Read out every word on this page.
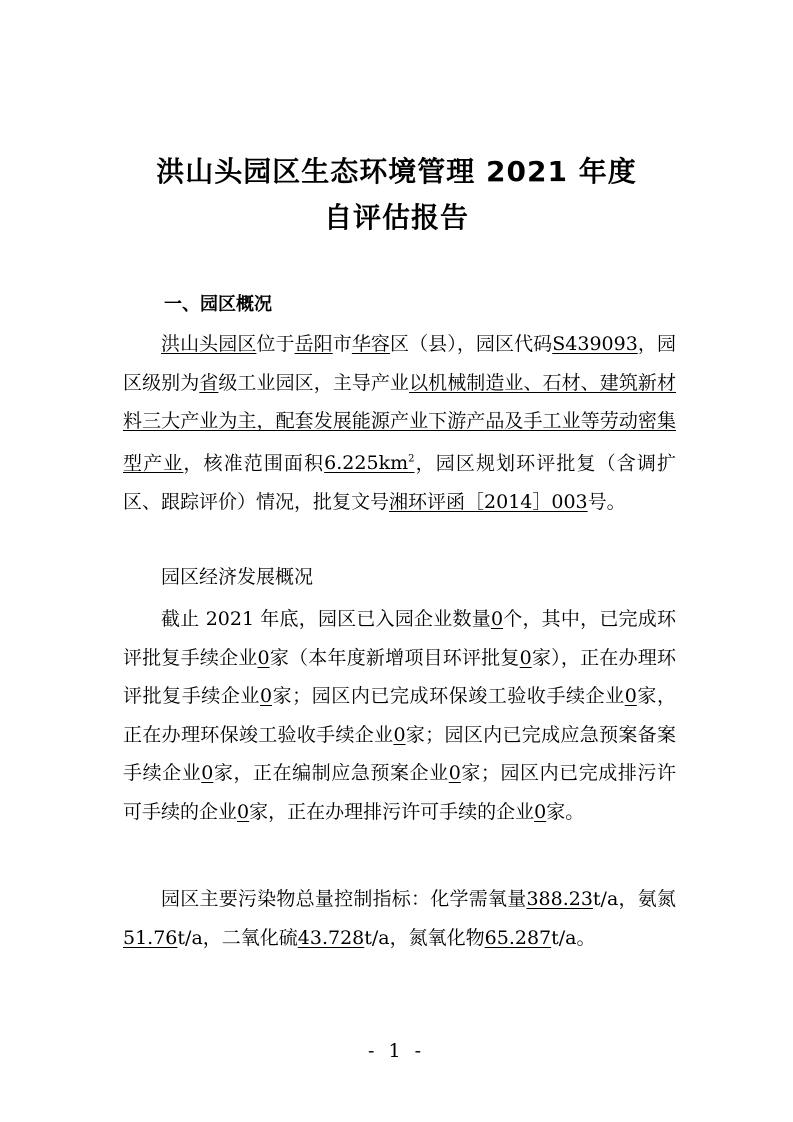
洪山头园区生态环境管理 2021 年度
自评估报告
一、园区概况

洪山头园区位于岳阳市华容区（县），园区代码S439093，园区级别为省级工业园区，主导产业以机械制造业、石材、建筑新材料三大产业为主，配套发展能源产业下游产品及手工业等劳动密集型产业，核准范围面积$6.225km^2$，园区规划环评批复（含调扩区、跟踪评价）情况，批复文号湘环评函［2014］003号。

园区经济发展概况

截止 2021 年底，园区已入园企业数量0个，其中，已完成环评批复手续企业0家（本年度新增项目环评批复0家），正在办理环评批复手续企业0家；园区内已完成环保竣工验收手续企业0家，正在办理环保竣工验收手续企业0家；园区内已完成应急预案备案手续企业0家，正在编制应急预案企业0家；园区内已完成排污许可手续的企业0家，正在办理排污许可手续的企业0家。

园区主要污染物总量控制指标：化学需氧量388.23t/a，氨氮51.76t/a，二氧化硫43.728t/a，氮氧化物65.287t/a。

- 1 -
